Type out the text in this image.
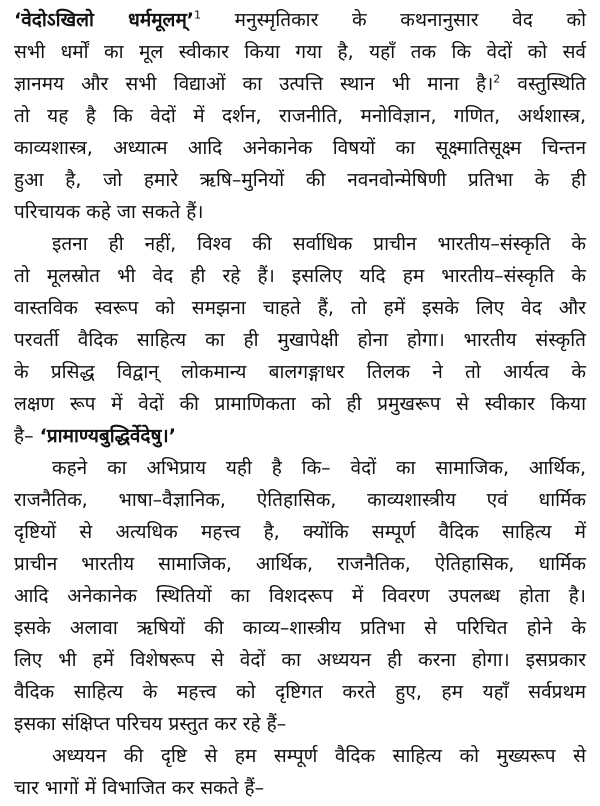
‘वेदोऽखिलो धर्ममूलम्’$^1$ मनुस्मृतिकार के कथनानुसार वेद को
सभी धर्मों का मूल स्वीकार किया गया है, यहाँ तक कि वेदों को सर्व
ज्ञानमय और सभी विद्याओं का उत्पत्ति स्थान भी माना है।$^2$ वस्तुस्थिति
तो यह है कि वेदों में दर्शन, राजनीति, मनोविज्ञान, गणित, अर्थशास्त्र,
काव्यशास्त्र, अध्यात्म आदि अनेकानेक विषयों का सूक्ष्मातिसूक्ष्म चिन्तन
हुआ है, जो हमारे ऋषि–मुनियों की नवनवोन्मेषिणी प्रतिभा के ही
परिचायक कहे जा सकते हैं।
इतना ही नहीं, विश्व की सर्वाधिक प्राचीन भारतीय–संस्कृति के
तो मूलस्रोत भी वेद ही रहे हैं। इसलिए यदि हम भारतीय–संस्कृति के
वास्तविक स्वरूप को समझना चाहते हैं, तो हमें इसके लिए वेद और
परवर्ती वैदिक साहित्य का ही मुखापेक्षी होना होगा। भारतीय संस्कृति
के प्रसिद्ध विद्वान् लोकमान्य बालगङ्गाधर तिलक ने तो आर्यत्व के
लक्षण रूप में वेदों की प्रामाणिकता को ही प्रमुखरूप से स्वीकार किया
है– ‘प्रामाण्यबुद्धिर्वेदेषु।’
कहने का अभिप्राय यही है कि– वेदों का सामाजिक, आर्थिक,
राजनैतिक, भाषा–वैज्ञानिक, ऐतिहासिक, काव्यशास्त्रीय एवं धार्मिक
दृष्टियों से अत्यधिक महत्त्व है, क्योंकि सम्पूर्ण वैदिक साहित्य में
प्राचीन भारतीय सामाजिक, आर्थिक, राजनैतिक, ऐतिहासिक, धार्मिक
आदि अनेकानेक स्थितियों का विशदरूप में विवरण उपलब्ध होता है।
इसके अलावा ऋषियों की काव्य–शास्त्रीय प्रतिभा से परिचित होने के
लिए भी हमें विशेषरूप से वेदों का अध्ययन ही करना होगा। इसप्रकार
वैदिक साहित्य के महत्त्व को दृष्टिगत करते हुए, हम यहाँ सर्वप्रथम
इसका संक्षिप्त परिचय प्रस्तुत कर रहे हैं–
अध्ययन की दृष्टि से हम सम्पूर्ण वैदिक साहित्य को मुख्यरूप से
चार भागों में विभाजित कर सकते हैं–
